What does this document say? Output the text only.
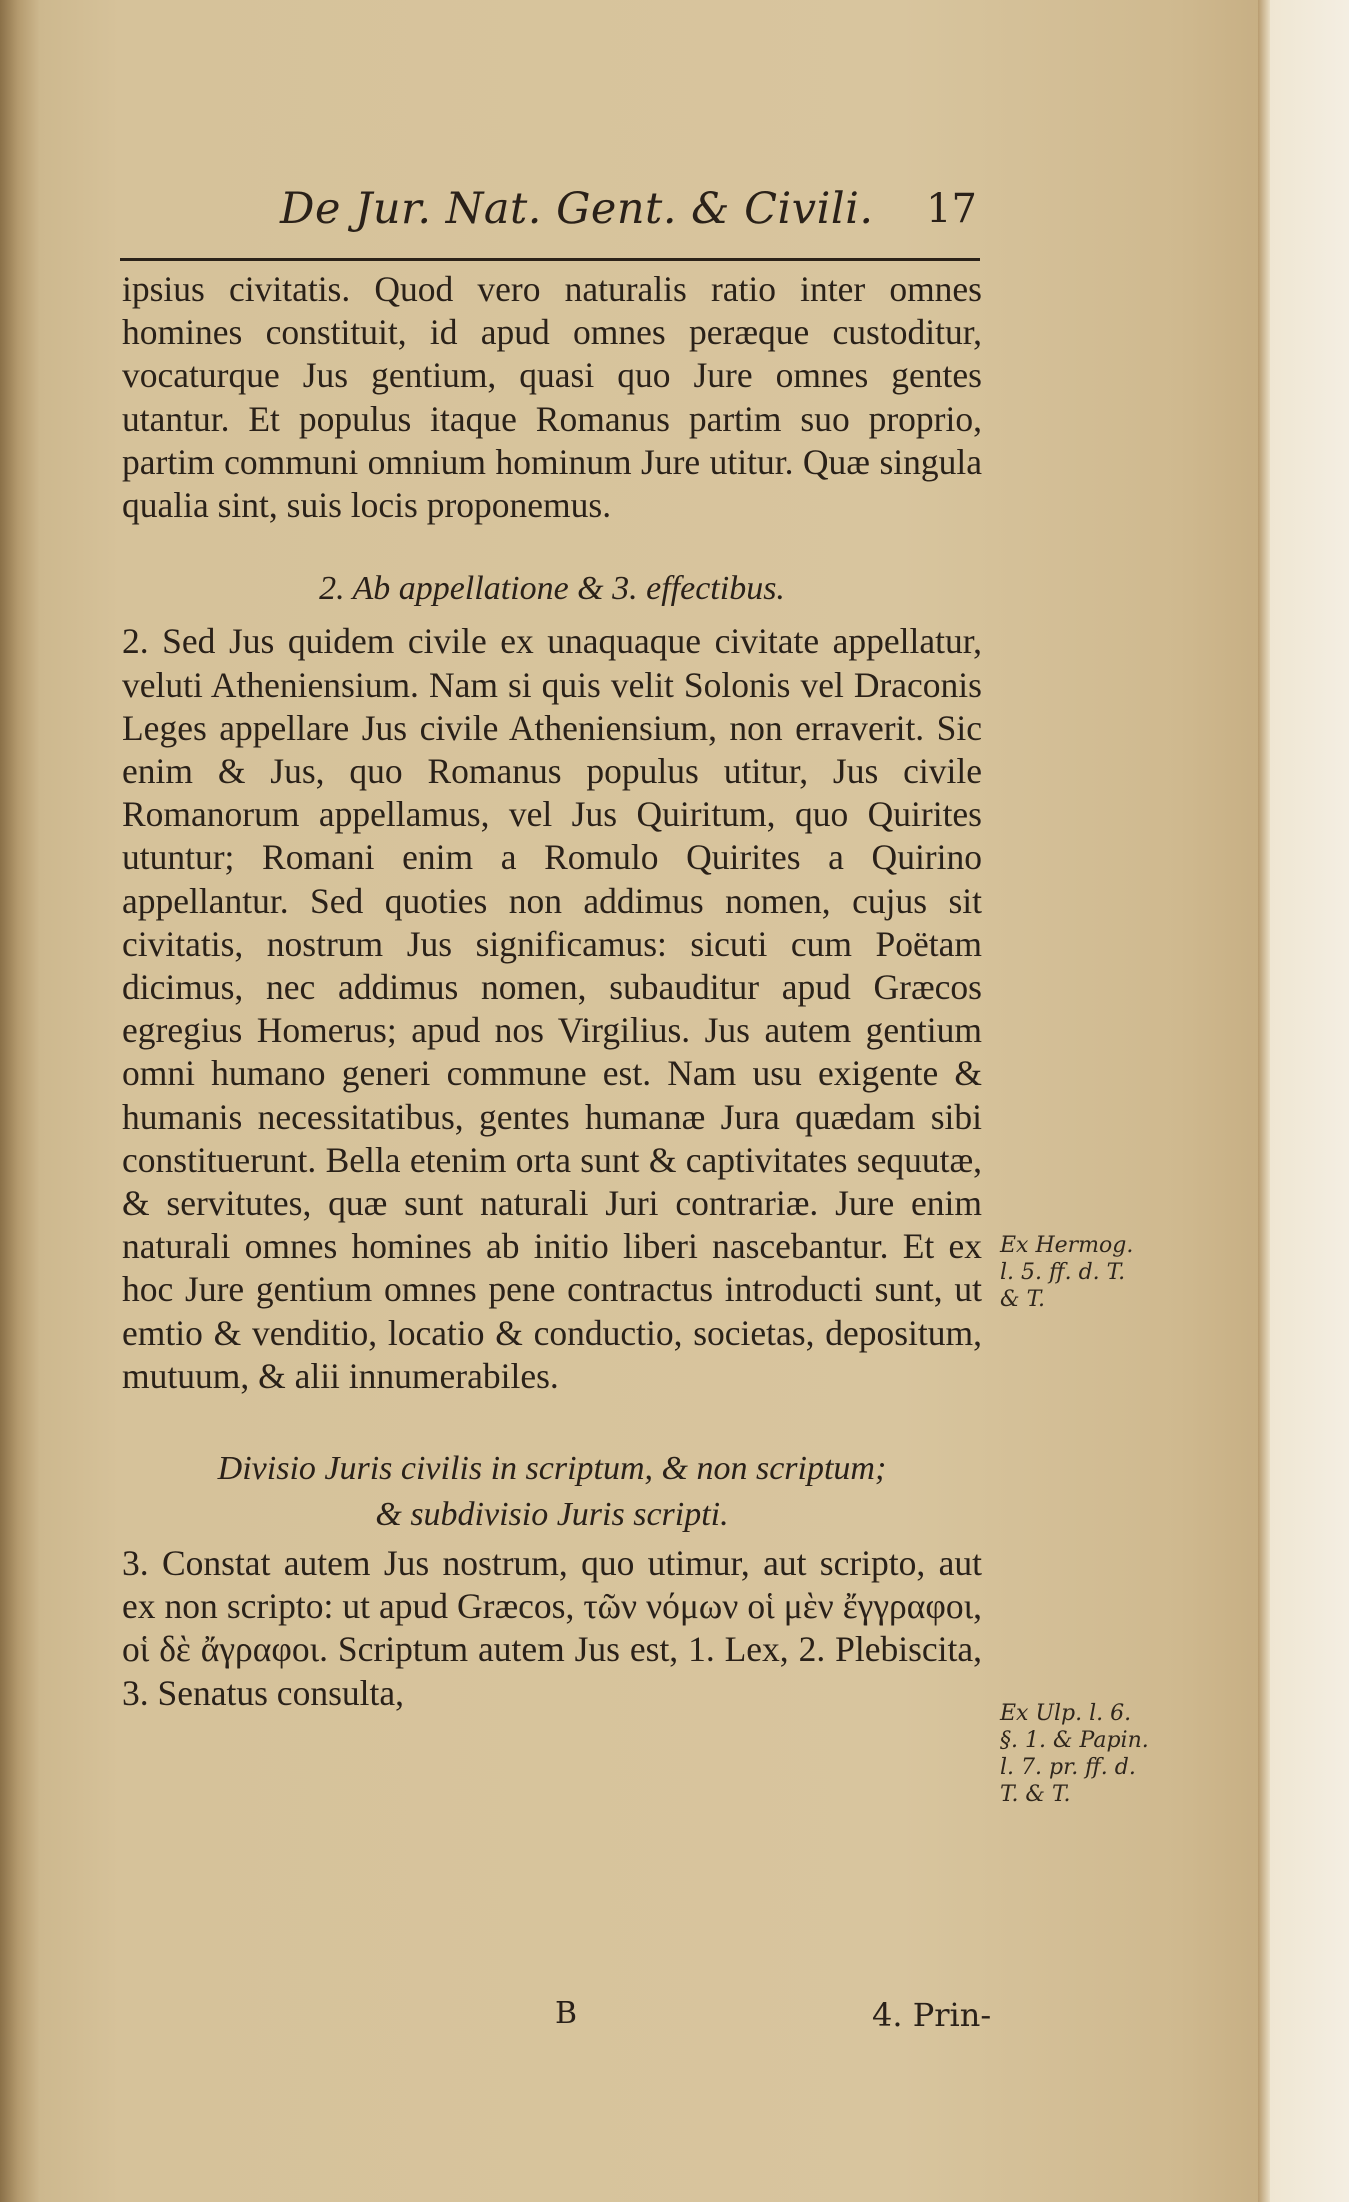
De Jur. Nat. Gent. & Civili. 17

ipsius civitatis. Quod vero naturalis ratio inter omnes homines constituit, id apud omnes peræque custoditur, vocaturque Jus gentium, quasi quo Jure omnes gentes utantur. Et populus itaque Romanus partim suo proprio, partim communi omnium hominum Jure utitur. Quæ singula qualia sint, suis locis proponemus.

2. Ab appellatione & 3. effectibus.

2. Sed Jus quidem civile ex unaquaque civitate appellatur, veluti Atheniensium. Nam si quis velit Solonis vel Draconis Leges appellare Jus civile Atheniensium, non erraverit. Sic enim & Jus, quo Romanus populus utitur, Jus civile Romanorum appellamus, vel Jus Quiritum, quo Quirites utuntur; Romani enim a Romulo Quirites a Quirino appellantur. Sed quoties non addimus nomen, cujus sit civitatis, nostrum Jus significamus: sicuti cum Poëtam dicimus, nec addimus nomen, subauditur apud Græcos egregius Homerus; apud nos Virgilius. Jus autem gentium omni humano generi commune est. Nam usu exigente & humanis necessitatibus, gentes humanæ Jura quædam sibi constituerunt. Bella etenim orta sunt & captivitates sequutæ, & servitutes, quæ sunt naturali Juri contrariæ. Jure enim naturali omnes homines ab initio liberi nascebantur. Et ex hoc Jure gentium omnes pene contractus introducti sunt, ut emtio & venditio, locatio & conductio, societas, depositum, mutuum, & alii innumerabiles.

Divisio Juris civilis in scriptum, & non scriptum;
& subdivisio Juris scripti.

3. Constat autem Jus nostrum, quo utimur, aut scripto, aut ex non scripto: ut apud Græcos, τῶν νόμων οἱ μὲν ἔγγραφοι, οἱ δὲ ἄγραφοι. Scriptum autem Jus est, 1. Lex, 2. Plebiscita, 3. Senatus consulta,

Ex Hermog. l. 5. ff. d. T. & T.
Ex Ulp. l. 6. §. 1. & Papin. l. 7. pr. ff. d. T. & T.
B	4. Prin-
